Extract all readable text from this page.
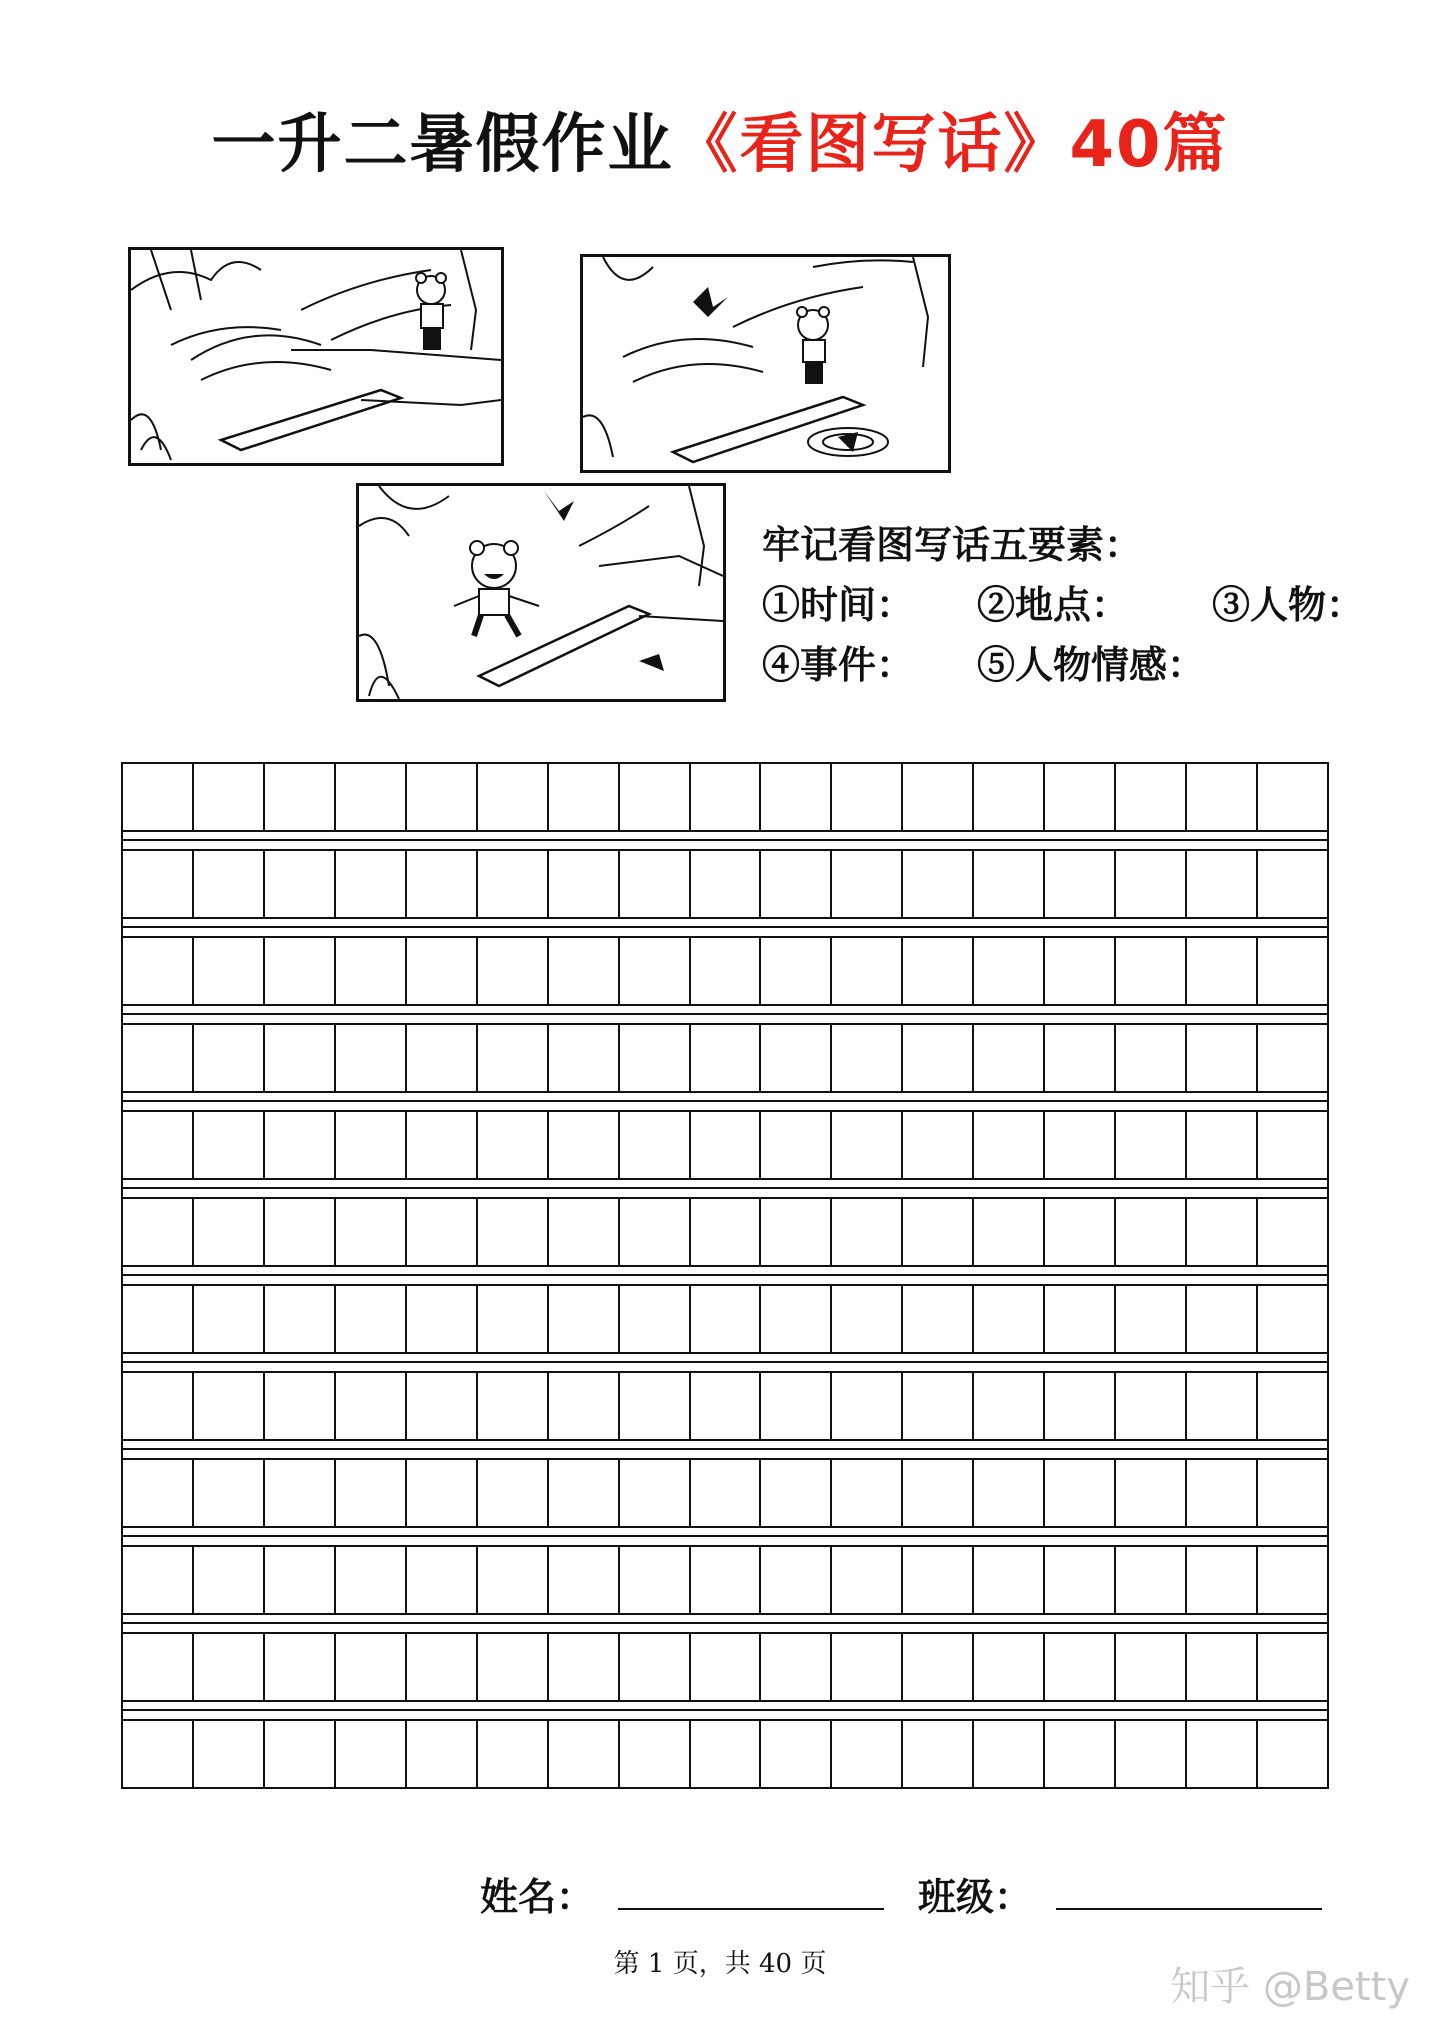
一升二暑假作业《看图写话》40篇
牢记看图写话五要素：
①时间：	②地点：	③人物：
④事件：	⑤人物情感：
姓名：	班级：
第 1 页，共 40 页	知乎 @Betty
